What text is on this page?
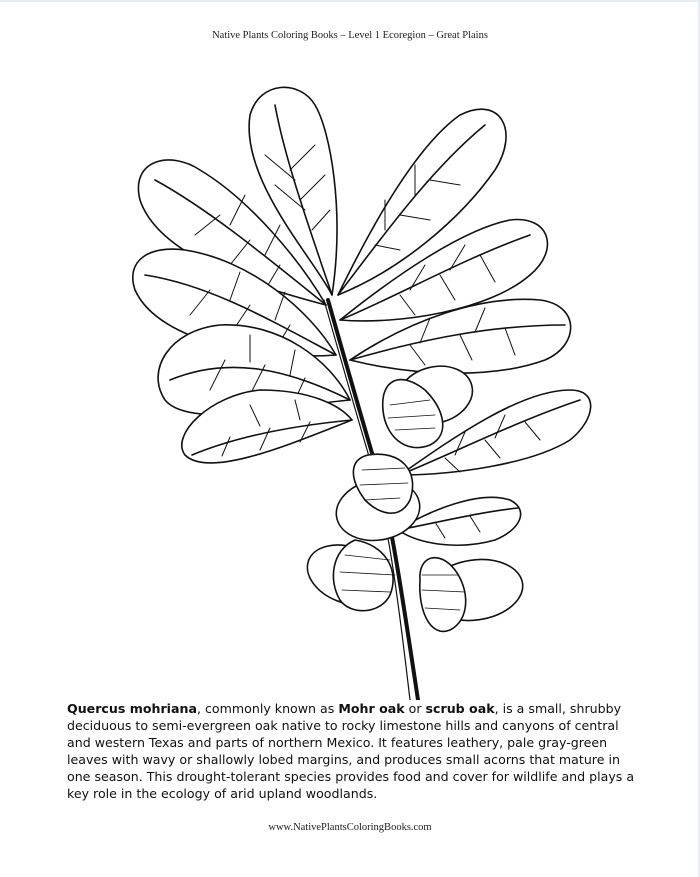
Native Plants Coloring Books – Level 1 Ecoregion – Great Plains
Quercus mohriana, commonly known as Mohr oak or scrub oak, is a small, shrubby deciduous to semi-evergreen oak native to rocky limestone hills and canyons of central and western Texas and parts of northern Mexico. It features leathery, pale gray-green leaves with wavy or shallowly lobed margins, and produces small acorns that mature in one season. This drought-tolerant species provides food and cover for wildlife and plays a key role in the ecology of arid upland woodlands.
www.NativePlantsColoringBooks.com
